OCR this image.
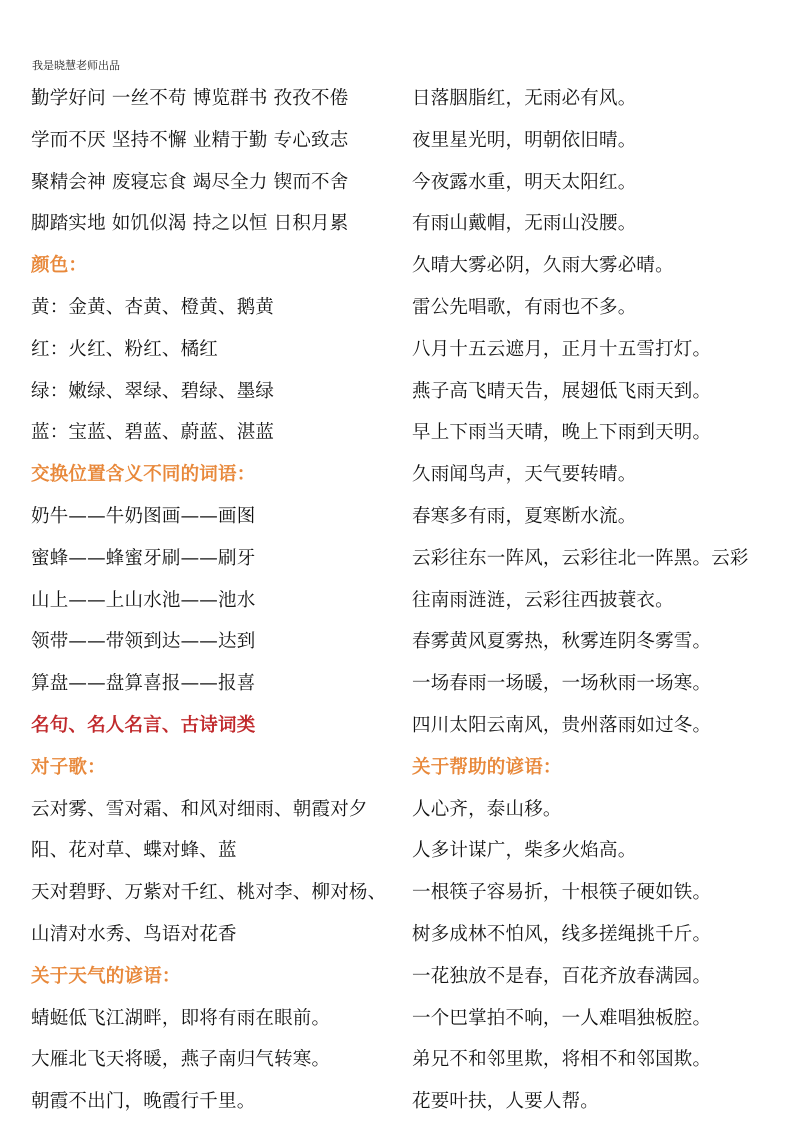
我是晓慧老师出品
勤学好问 一丝不苟 博览群书 孜孜不倦
学而不厌 坚持不懈 业精于勤 专心致志
聚精会神 废寝忘食 竭尽全力 锲而不舍
脚踏实地 如饥似渴 持之以恒 日积月累
颜色：
黄：金黄、杏黄、橙黄、鹅黄
红：火红、粉红、橘红
绿：嫩绿、翠绿、碧绿、墨绿
蓝：宝蓝、碧蓝、蔚蓝、湛蓝
交换位置含义不同的词语：
奶牛——牛奶图画——画图
蜜蜂——蜂蜜牙刷——刷牙
山上——上山水池——池水
领带——带领到达——达到
算盘——盘算喜报——报喜
名句、名人名言、古诗词类
对子歌：
云对雾、雪对霜、和风对细雨、朝霞对夕
阳、花对草、蝶对蜂、蓝
天对碧野、万紫对千红、桃对李、柳对杨、
山清对水秀、鸟语对花香
关于天气的谚语：
蜻蜓低飞江湖畔，即将有雨在眼前。
大雁北飞天将暖，燕子南归气转寒。
朝霞不出门，晚霞行千里。
日落胭脂红，无雨必有风。
夜里星光明，明朝依旧晴。
今夜露水重，明天太阳红。
有雨山戴帽，无雨山没腰。
久晴大雾必阴，久雨大雾必晴。
雷公先唱歌，有雨也不多。
八月十五云遮月，正月十五雪打灯。
燕子高飞晴天告，展翅低飞雨天到。
早上下雨当天晴，晚上下雨到天明。
久雨闻鸟声，天气要转晴。
春寒多有雨，夏寒断水流。
云彩往东一阵风，云彩往北一阵黑。云彩
往南雨涟涟，云彩往西披蓑衣。
春雾黄风夏雾热，秋雾连阴冬雾雪。
一场春雨一场暖，一场秋雨一场寒。
四川太阳云南风，贵州落雨如过冬。
关于帮助的谚语：
人心齐，泰山移。
人多计谋广，柴多火焰高。
一根筷子容易折，十根筷子硬如铁。
树多成林不怕风，线多搓绳挑千斤。
一花独放不是春，百花齐放春满园。
一个巴掌拍不响，一人难唱独板腔。
弟兄不和邻里欺，将相不和邻国欺。
花要叶扶，人要人帮。
